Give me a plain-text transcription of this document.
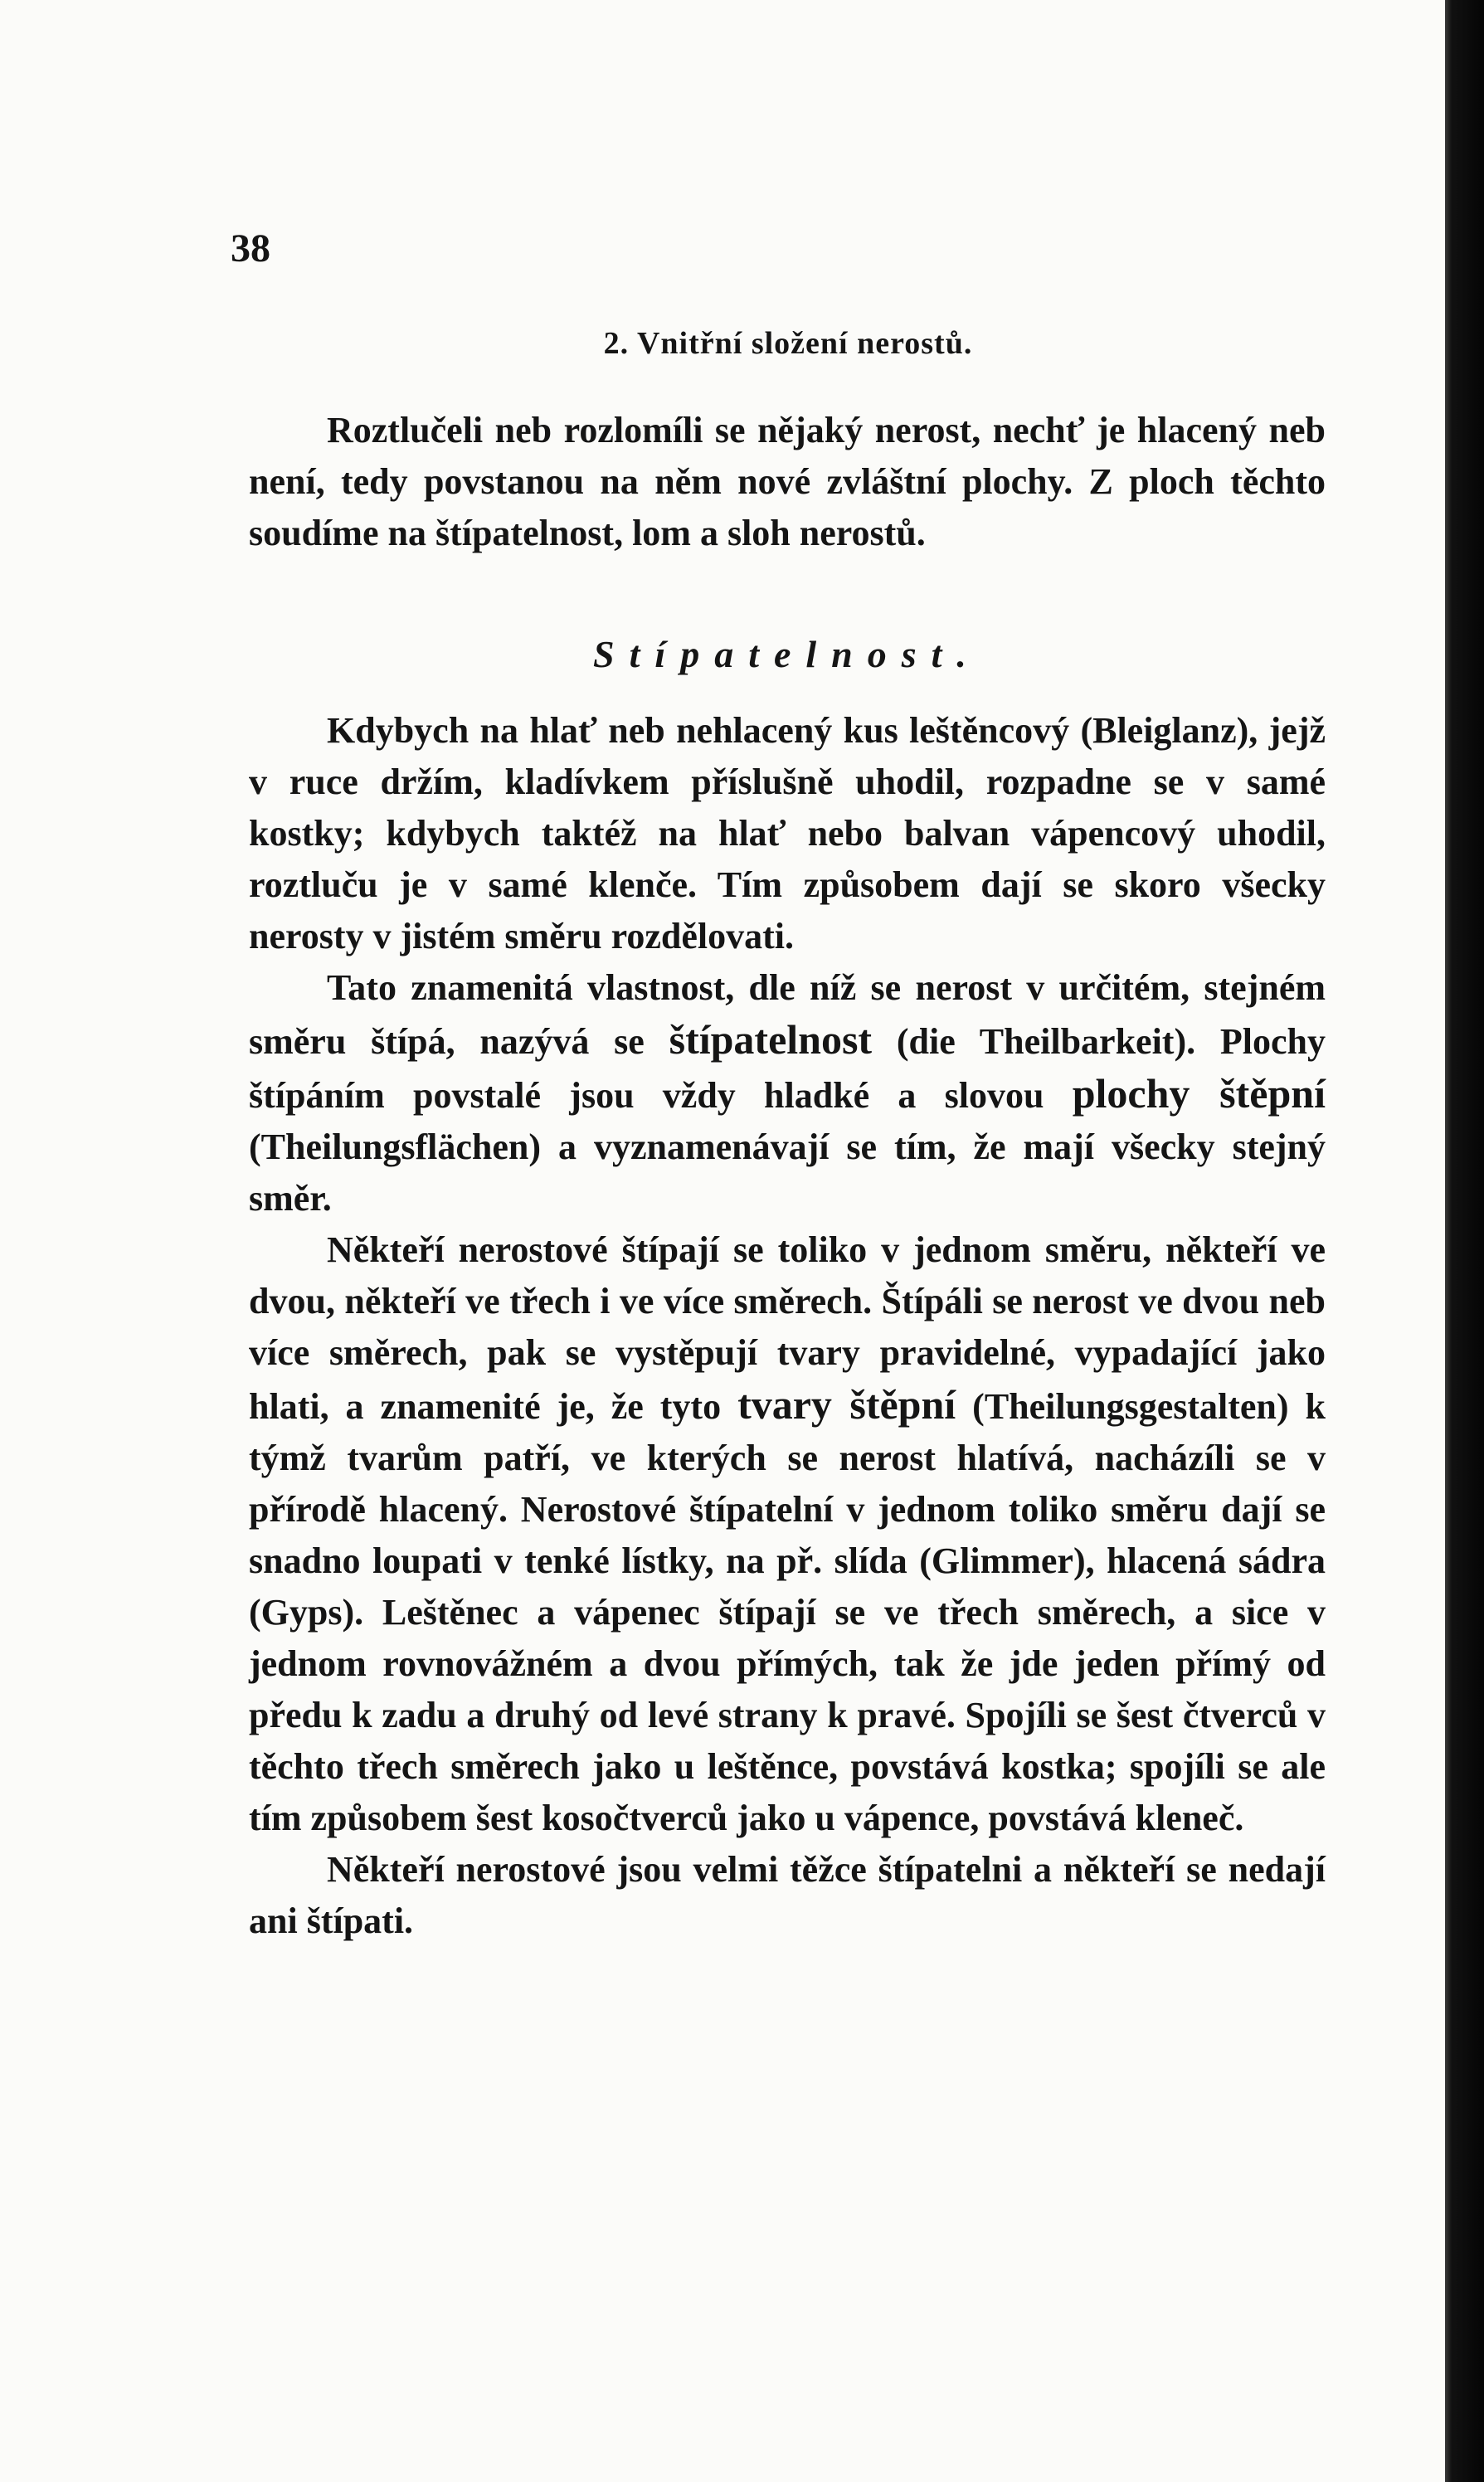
38
2. Vnitřní složení nerostů.

Roztlučeli neb rozlomíli se nějaký nerost, nechť je hlacený neb není, tedy povstanou na něm nové zvláštní plochy. Z ploch těchto soudíme na štípatelnost, lom a sloh nerostů.

Stípatelnost.

Kdybych na hlať neb nehlacený kus leštěncový (Bleiglanz), jejž v ruce držím, kladívkem příslušně uhodil, rozpadne se v samé kostky; kdybych taktéž na hlať nebo balvan vápencový uhodil, roztluču je v samé klenče. Tím způsobem dají se skoro všecky nerosty v jistém směru rozdělovati.

Tato znamenitá vlastnost, dle níž se nerost v určitém, stejném směru štípá, nazývá se štípatelnost (die Theilbarkeit). Plochy štípáním povstalé jsou vždy hladké a slovou plochy štěpní (Theilungsflächen) a vyznamenávají se tím, že mají všecky stejný směr.

Někteří nerostové štípají se toliko v jednom směru, někteří ve dvou, někteří ve třech i ve více směrech. Štípáli se nerost ve dvou neb více směrech, pak se vystěpují tvary pravidelné, vypadající jako hlati, a znamenité je, že tyto tvary štěpní (Theilungsgestalten) k týmž tvarům patří, ve kterých se nerost hlatívá, nacházíli se v přírodě hlacený. Nerostové štípatelní v jednom toliko směru dají se snadno loupati v tenké lístky, na př. slída (Glimmer), hlacená sádra (Gyps). Leštěnec a vápenec štípají se ve třech směrech, a sice v jednom rovnovážném a dvou přímých, tak že jde jeden přímý od předu k zadu a druhý od levé strany k pravé. Spojíli se šest čtverců v těchto třech směrech jako u leštěnce, povstává kostka; spojíli se ale tím způsobem šest kosočtverců jako u vápence, povstává kleneč.

Někteří nerostové jsou velmi těžce štípatelni a někteří se nedají ani štípati.
